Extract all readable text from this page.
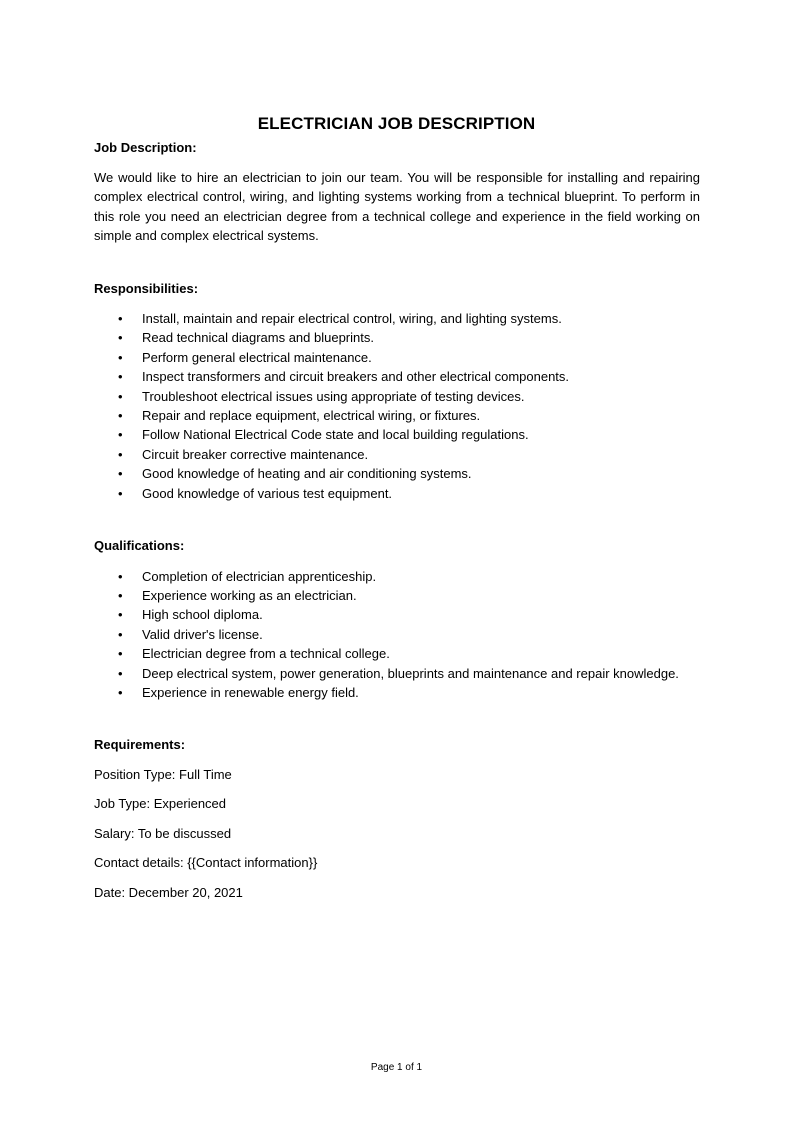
ELECTRICIAN JOB DESCRIPTION

Job Description:

We would like to hire an electrician to join our team. You will be responsible for installing and repairing complex electrical control, wiring, and lighting systems working from a technical blueprint. To perform in this role you need an electrician degree from a technical college and experience in the field working on simple and complex electrical systems.

Responsibilities:

•	Install, maintain and repair electrical control, wiring, and lighting systems.
•	Read technical diagrams and blueprints.
•	Perform general electrical maintenance.
•	Inspect transformers and circuit breakers and other electrical components.
•	Troubleshoot electrical issues using appropriate of testing devices.
•	Repair and replace equipment, electrical wiring, or fixtures.
•	Follow National Electrical Code state and local building regulations.
•	Circuit breaker corrective maintenance.
•	Good knowledge of heating and air conditioning systems.
•	Good knowledge of various test equipment.

Qualifications:

•	Completion of electrician apprenticeship.
•	Experience working as an electrician.
•	High school diploma.
•	Valid driver's license.
•	Electrician degree from a technical college.
•	Deep electrical system, power generation, blueprints and maintenance and repair knowledge.
•	Experience in renewable energy field.

Requirements:

Position Type: Full Time

Job Type: Experienced

Salary: To be discussed

Contact details: {{Contact information}}

Date: December 20, 2021

Page 1 of 1
